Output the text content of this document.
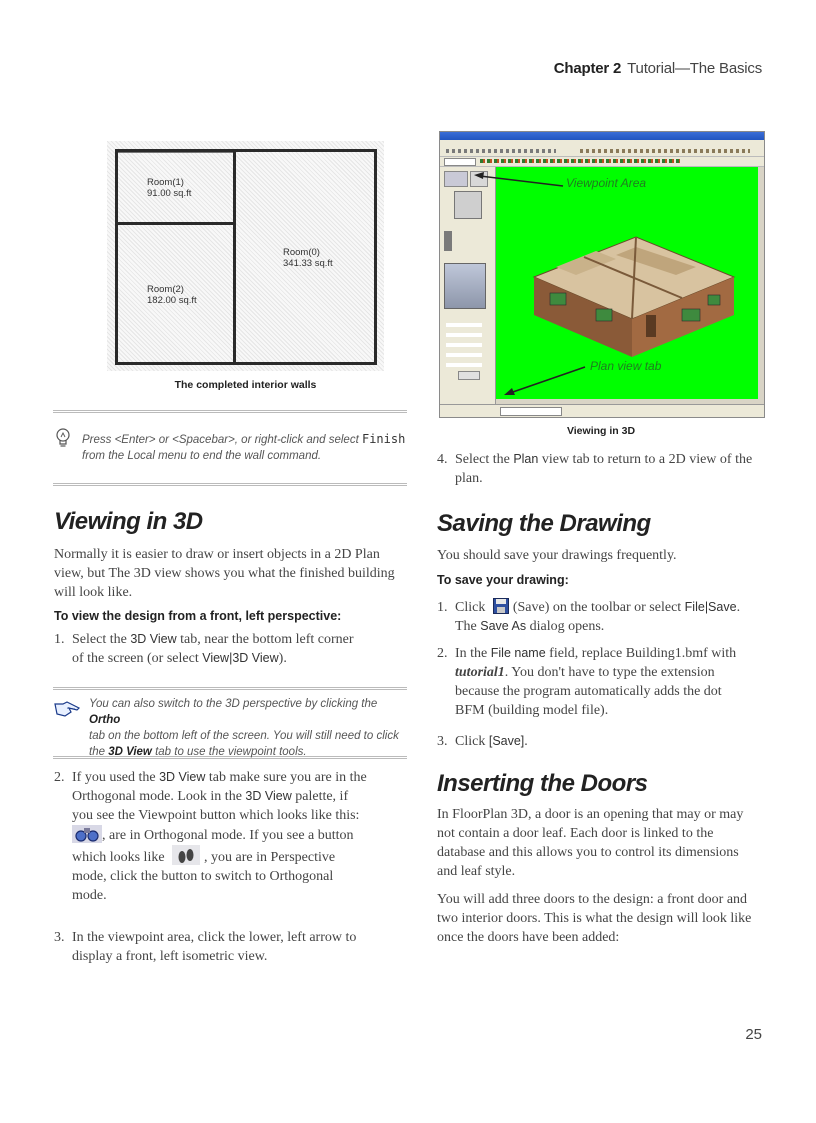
Chapter 2 Tutorial—The Basics
Room(1)
91.00 sq.ft
Room(0)
341.33 sq.ft
Room(2)
182.00 sq.ft
The completed interior walls
Press <Enter> or <Spacebar>, or right-click and select Finish from the Local menu to end the wall command.
Viewing in 3D

Normally it is easier to draw or insert objects in a 2D Plan view, but The 3D view shows you what the finished building will look like.

To view the design from a front, left perspective:
1. Select the 3D View tab, near the bottom left corner
of the screen (or select View|3D View).
You can also switch to the 3D perspective by clicking the Ortho
tab on the bottom left of the screen. You will still need to click
the 3D View tab to use the viewpoint tools.
2. If you used the 3D View tab make sure you are in the
Orthogonal mode. Look in the 3D View palette, if
you see the Viewpoint button which looks like this:
, are in Orthogonal mode. If you see a button
which looks like	, you are in Perspective
mode, click the button to switch to Orthogonal
mode.
3. In the viewpoint area, click the lower, left arrow to
display a front, left isometric view.
Viewpoint Area
Plan view tab
Viewing in 3D
4. Select the Plan view tab to return to a 2D view of the
plan.
Saving the Drawing

You should save your drawings frequently.

To save your drawing:
1. Click (Save) on the toolbar or select File|Save.
The Save As dialog opens.
2. In the File name field, replace Building1.bmf with
tutorial1. You don't have to type the extension
because the program automatically adds the dot
BFM (building model file).
3. Click [Save].
Inserting the Doors
In FloorPlan 3D, a door is an opening that may or may
not contain a door leaf. Each door is linked to the
database and this allows you to control its dimensions
and leaf style.
You will add three doors to the design: a front door and
two interior doors. This is what the design will look like
once the doors have been added:
25
